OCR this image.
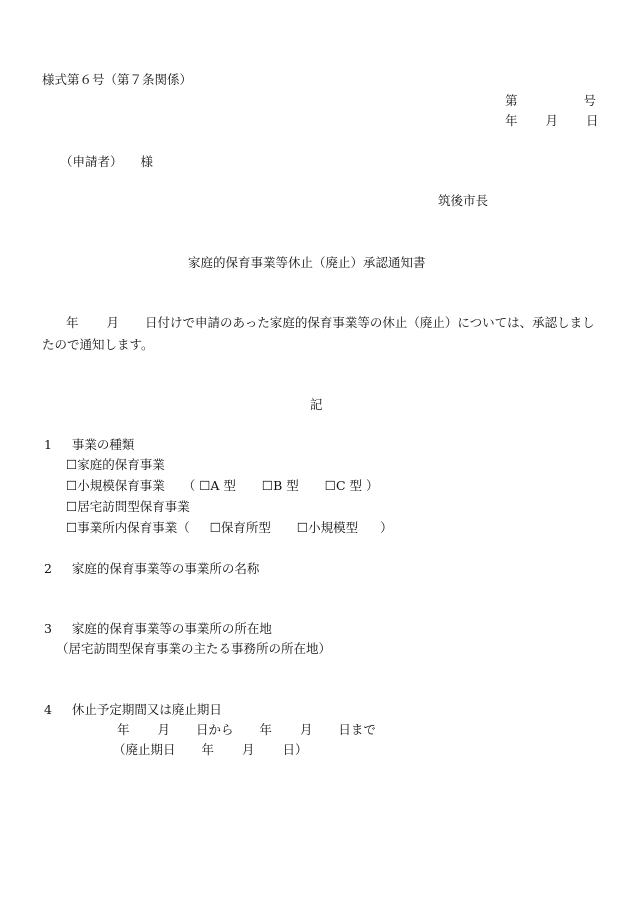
様式第６号（第７条関係）
第	号
年 月 日
（申請者） 様
筑後市長
家庭的保育事業等休止（廃止）承認通知書
年 月 日付けで申請のあった家庭的保育事業等の休止（廃止）については、承認しまし
たので通知します。
記
1 事業の種類
☐家庭的保育事業
☐小規模保育事業 （ ☐A 型 ☐B 型 ☐C 型 ）
☐居宅訪問型保育事業
☐事業所内保育事業（ ☐保育所型 ☐小規模型 ）
2 家庭的保育事業等の事業所の名称
3 家庭的保育事業等の事業所の所在地
（居宅訪問型保育事業の主たる事務所の所在地）
4 休止予定期間又は廃止期日
年 月 日から 年 月 日まで
（廃止期日 年 月 日）
